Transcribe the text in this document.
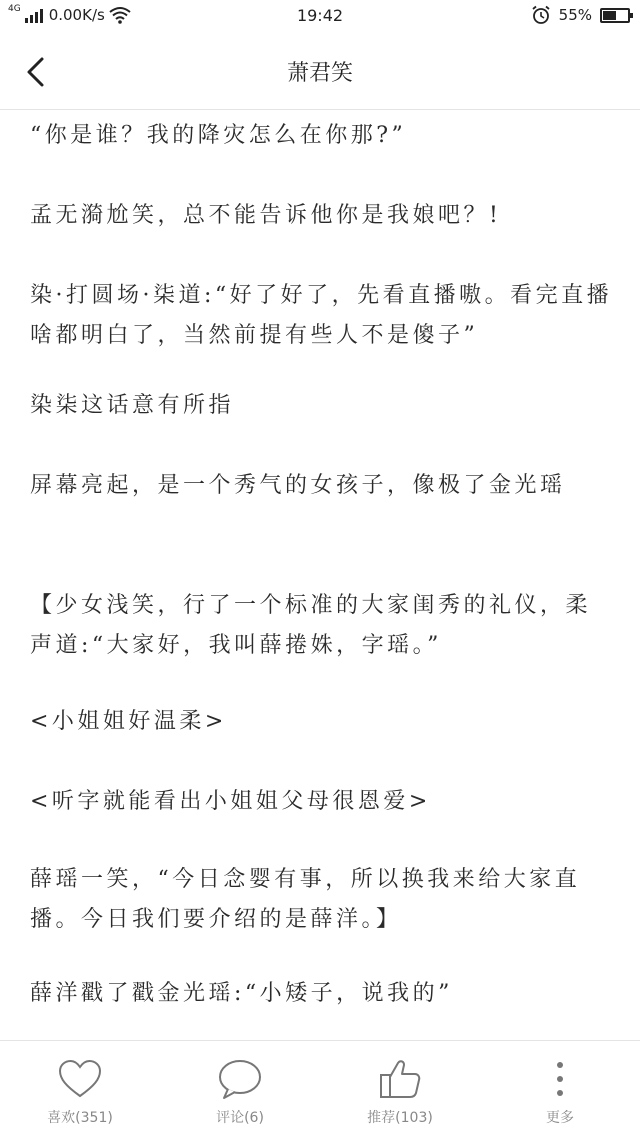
4G 0.00K/s	19:42	55%
萧君笑

“你是谁？我的降灾怎么在你那?”

孟无漪尬笑，总不能告诉他你是我娘吧？!

染·打圆场·柒道:“好了好了，先看直播嗷。看完直播啥都明白了，当然前提有些人不是傻子”

染柒这话意有所指

屏幕亮起，是一个秀气的女孩子，像极了金光瑶

【少女浅笑，行了一个标准的大家闺秀的礼仪，柔声道:“大家好，我叫薛捲姝，字瑶。”

<小姐姐好温柔>

<听字就能看出小姐姐父母很恩爱>

薛瑶一笑，“今日念婴有事，所以换我来给大家直播。今日我们要介绍的是薛洋。】

薛洋戳了戳金光瑶:“小矮子，说我的”

喜欢(351)	评论(6)	推荐(103)	更多
